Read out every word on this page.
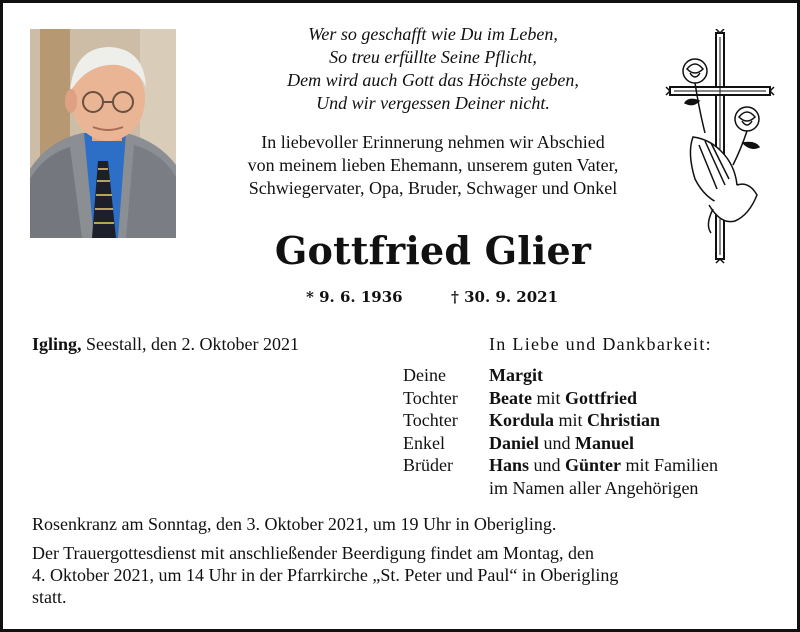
Wer so geschafft wie Du im Leben,
So treu erfüllte Seine Pflicht,
Dem wird auch Gott das Höchste geben,
Und wir vergessen Deiner nicht.
In liebevoller Erinnerung nehmen wir Abschied
von meinem lieben Ehemann, unserem guten Vater,
Schwiegervater, Opa, Bruder, Schwager und Onkel
Gottfried Glier
* 9. 6. 1936	† 30. 9. 2021
Igling, Seestall, den 2. Oktober 2021	In Liebe und Dankbarkeit:
Deine Margit
Tochter Beate mit Gottfried
Tochter Kordula mit Christian
Enkel Daniel und Manuel
Brüder Hans und Günter mit Familien
im Namen aller Angehörigen

Rosenkranz am Sonntag, den 3. Oktober 2021, um 19 Uhr in Oberigling.

Der Trauergottesdienst mit anschließender Beerdigung findet am Montag, den
4. Oktober 2021, um 14 Uhr in der Pfarrkirche „St. Peter und Paul“ in Oberigling
statt.
